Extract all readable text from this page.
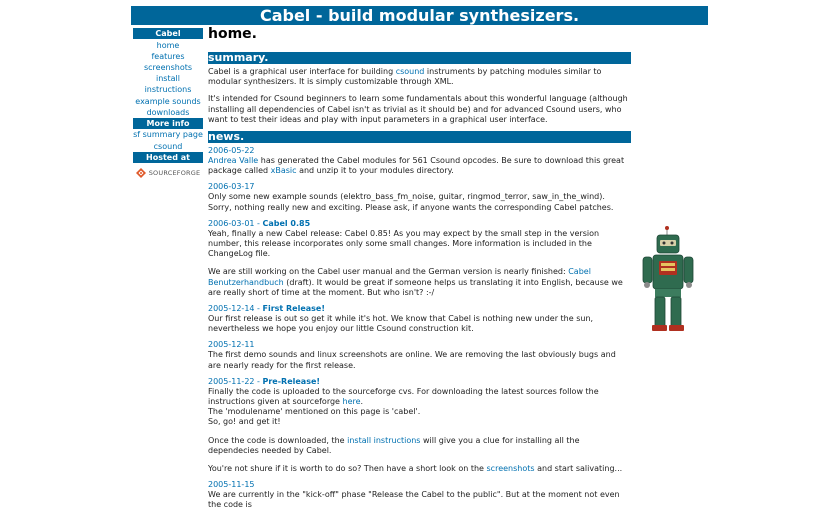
Cabel - build modular synthesizers.
Cabel
home
features
screenshots
install instructions
example sounds
downloads
More info
sf summary page
csound
Hosted at
SOURCEFORGE
home.
summary.

Cabel is a graphical user interface for building csound instruments by patching modules similar to modular synthesizers. It is simply customizable through XML.

It's intended for Csound beginners to learn some fundamentals about this wonderful language (although installing all dependencies of Cabel isn't as trivial as it should be) and for advanced Csound users, who want to test their ideas and play with input parameters in a graphical user interface.

news.
2006-05-22

Andrea Valle has generated the Cabel modules for 561 Csound opcodes. Be sure to download this great package called xBasic and unzip it to your modules directory.

2006-03-17

Only some new example sounds (elektro_bass_fm_noise, guitar, ringmod_terror, saw_in_the_wind). Sorry, nothing really new and exciting. Please ask, if anyone wants the corresponding Cabel patches.

2006-03-01 - Cabel 0.85

Yeah, finally a new Cabel release: Cabel 0.85! As you may expect by the small step in the version number, this release incorporates only some small changes. More information is included in the ChangeLog file.

We are still working on the Cabel user manual and the German version is nearly finished: Cabel Benutzerhandbuch (draft). It would be great if someone helps us translating it into English, because we are really short of time at the moment. But who isn't? :-/

2005-12-14 - First Release!

Our first release is out so get it while it's hot. We know that Cabel is nothing new under the sun, nevertheless we hope you enjoy our little Csound construction kit.

2005-12-11

The first demo sounds and linux screenshots are online. We are removing the last obviously bugs and are nearly ready for the first release.

2005-11-22 - Pre-Release!

Finally the code is uploaded to the sourceforge cvs. For downloading the latest sources follow the instructions given at sourceforge here.

The 'modulename' mentioned on this page is 'cabel'.

So, go! and get it!

Once the code is downloaded, the install instructions will give you a clue for installing all the dependecies needed by Cabel.

You're not shure if it is worth to do so? Then have a short look on the screenshots and start salivating...

2005-11-15

We are currently in the "kick-off" phase "Release the Cabel to the public". But at the moment not even the code is
